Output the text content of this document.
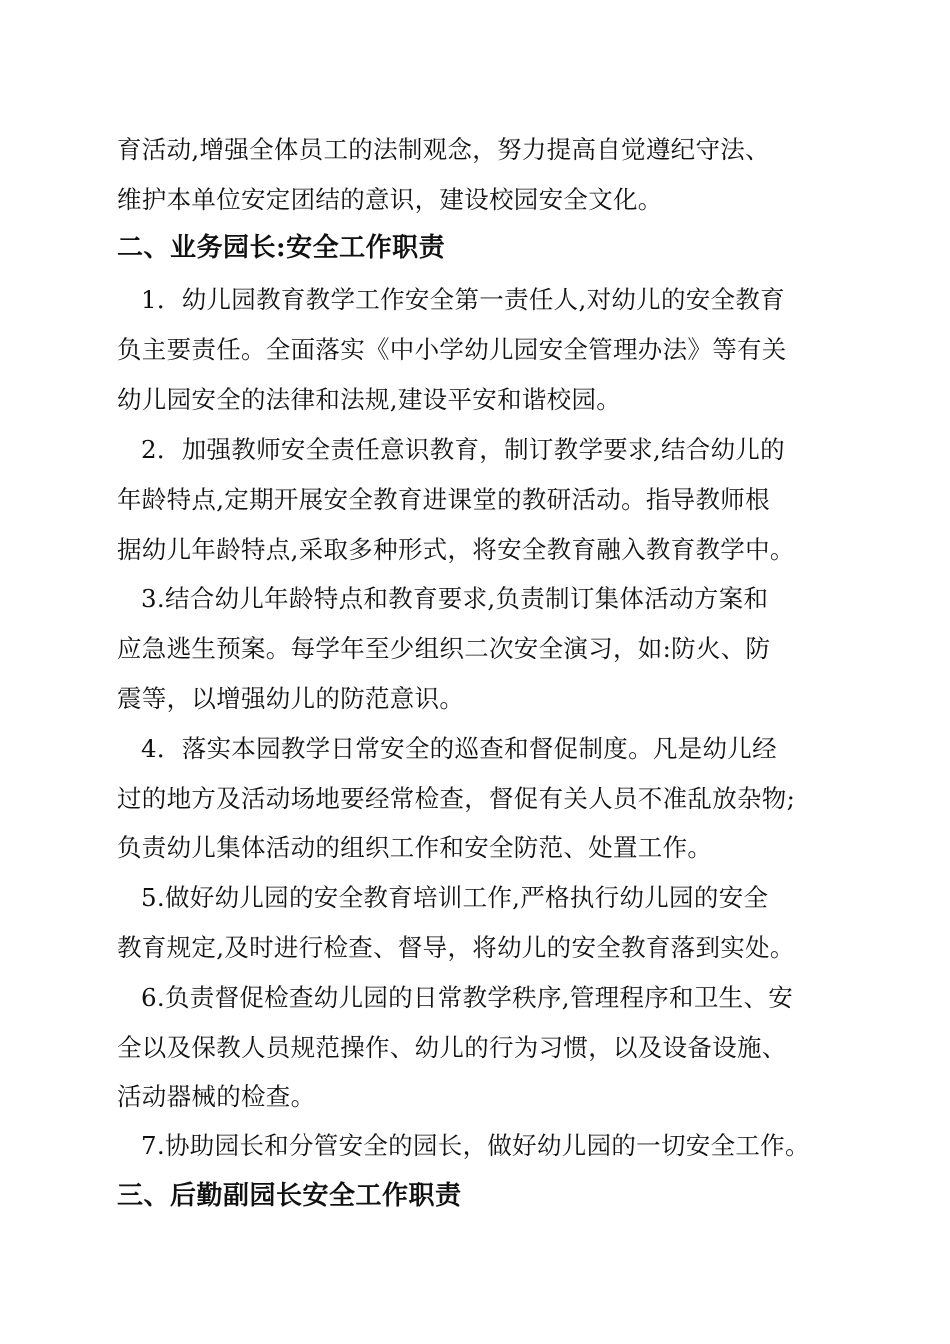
育活动,增强全体员工的法制观念，努力提高自觉遵纪守法、
维护本单位安定团结的意识，建设校园安全文化。
二、业务园长:安全工作职责
1．幼儿园教育教学工作安全第一责任人,对幼儿的安全教育
负主要责任。全面落实《中小学幼儿园安全管理办法》等有关
幼儿园安全的法律和法规,建设平安和谐校园。
2．加强教师安全责任意识教育，制订教学要求,结合幼儿的
年龄特点,定期开展安全教育进课堂的教研活动。指导教师根
据幼儿年龄特点,采取多种形式，将安全教育融入教育教学中。
3.结合幼儿年龄特点和教育要求,负责制订集体活动方案和
应急逃生预案。每学年至少组织二次安全演习，如:防火、防
震等，以增强幼儿的防范意识。
4．落实本园教学日常安全的巡查和督促制度。凡是幼儿经
过的地方及活动场地要经常检查，督促有关人员不准乱放杂物;
负责幼儿集体活动的组织工作和安全防范、处置工作。
5.做好幼儿园的安全教育培训工作,严格执行幼儿园的安全
教育规定,及时进行检查、督导，将幼儿的安全教育落到实处。
6.负责督促检查幼儿园的日常教学秩序,管理程序和卫生、安
全以及保教人员规范操作、幼儿的行为习惯，以及设备设施、
活动器械的检查。
7.协助园长和分管安全的园长，做好幼儿园的一切安全工作。
三、后勤副园长安全工作职责
